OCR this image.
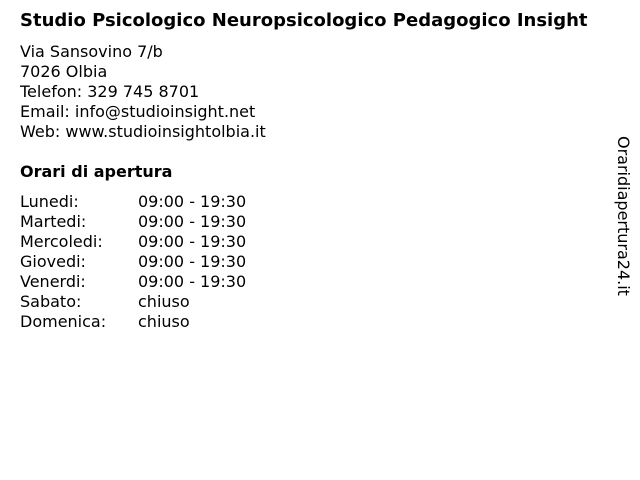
Studio Psicologico Neuropsicologico Pedagogico Insight
Via Sansovino 7/b
7026 Olbia
Telefon: 329 745 8701
Email: info@studioinsight.net
Web: www.studioinsightolbia.it
Orari di apertura
Lunedi:	09:00 - 19:30
Martedi:	09:00 - 19:30
Mercoledi:	09:00 - 19:30
Giovedi:	09:00 - 19:30
Venerdi:	09:00 - 19:30
Sabato:	chiuso
Domenica:	chiuso
Oraridiapertura24.it
